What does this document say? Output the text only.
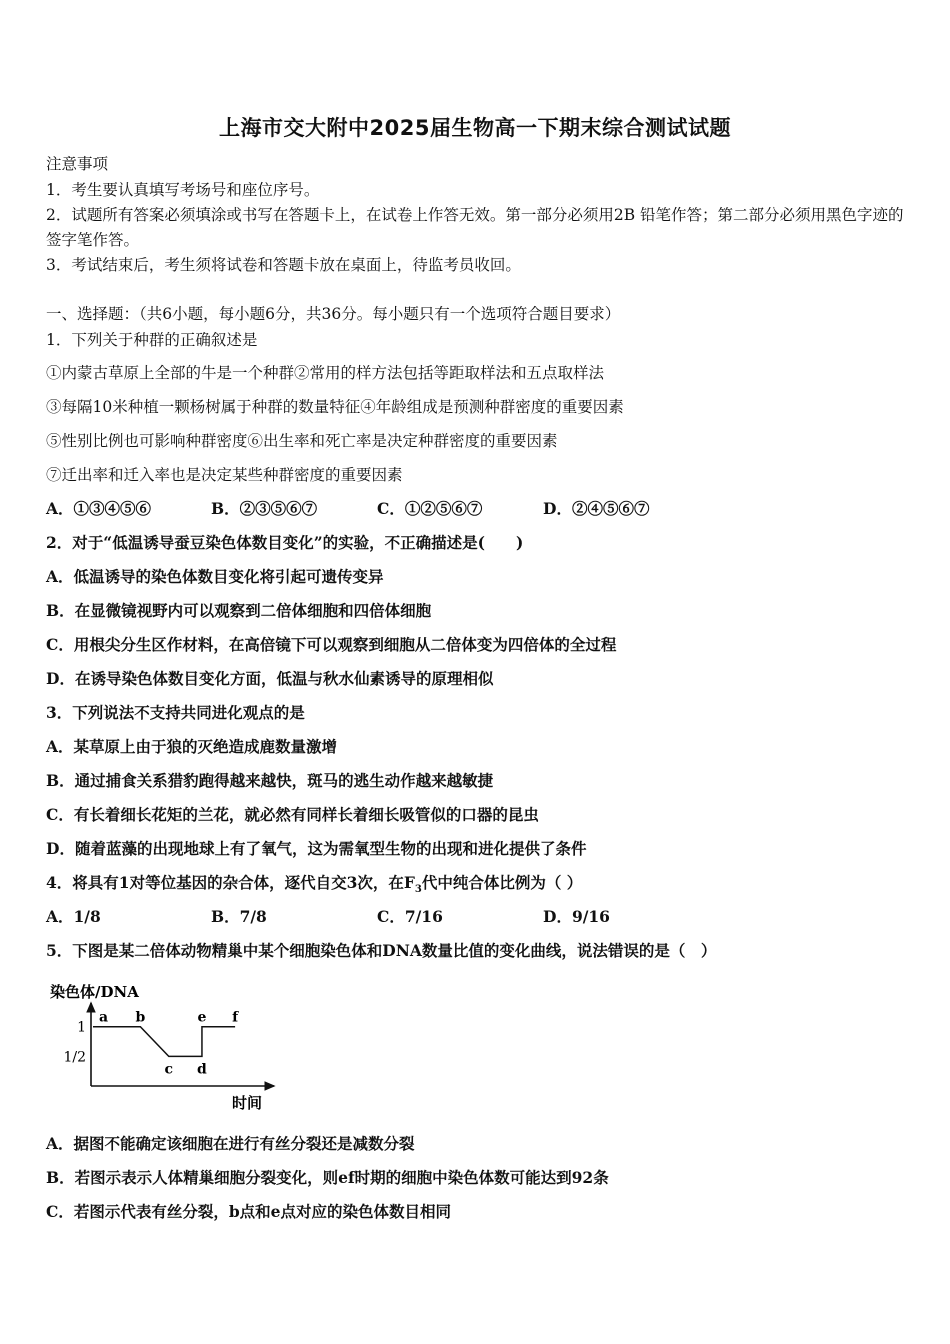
上海市交大附中2025届生物高一下期末综合测试试题
注意事项
1．考生要认真填写考场号和座位序号。
2．试题所有答案必须填涂或书写在答题卡上，在试卷上作答无效。第一部分必须用2B 铅笔作答；第二部分必须用黑色字迹的签字笔作答。
3．考试结束后，考生须将试卷和答题卡放在桌面上，待监考员收回。
一、选择题：（共6小题，每小题6分，共36分。每小题只有一个选项符合题目要求）
1．下列关于种群的正确叙述是
①内蒙古草原上全部的牛是一个种群②常用的样方法包括等距取样法和五点取样法
③每隔10米种植一颗杨树属于种群的数量特征④年龄组成是预测种群密度的重要因素
⑤性别比例也可影响种群密度⑥出生率和死亡率是决定种群密度的重要因素
⑦迁出率和迁入率也是决定某些种群密度的重要因素
A．①③④⑤⑥	B．②③⑤⑥⑦	C．①②⑤⑥⑦	D．②④⑤⑥⑦
2．对于“低温诱导蚕豆染色体数目变化”的实验，不正确描述是(　　)
A．低温诱导的染色体数目变化将引起可遗传变异
B．在显微镜视野内可以观察到二倍体细胞和四倍体细胞
C．用根尖分生区作材料，在高倍镜下可以观察到细胞从二倍体变为四倍体的全过程
D．在诱导染色体数目变化方面，低温与秋水仙素诱导的原理相似
3．下列说法不支持共同进化观点的是
A．某草原上由于狼的灭绝造成鹿数量激增
B．通过捕食关系猎豹跑得越来越快，斑马的逃生动作越来越敏捷
C．有长着细长花矩的兰花，就必然有同样长着细长吸管似的口器的昆虫
D．随着蓝藻的出现地球上有了氧气，这为需氧型生物的出现和进化提供了条件
4．将具有1对等位基因的杂合体，逐代自交3次，在$F_3$代中纯合体比例为（ ）
A．1/8	B．7/8	C．7/16	D．9/16
5．下图是某二倍体动物精巢中某个细胞染色体和DNA数量比值的变化曲线，说法错误的是（　）
染色体/DNA
时间
1
1/2
a b
c d
e f
A．据图不能确定该细胞在进行有丝分裂还是减数分裂
B．若图示表示人体精巢细胞分裂变化，则ef时期的细胞中染色体数可能达到92条
C．若图示代表有丝分裂，b点和e点对应的染色体数目相同
